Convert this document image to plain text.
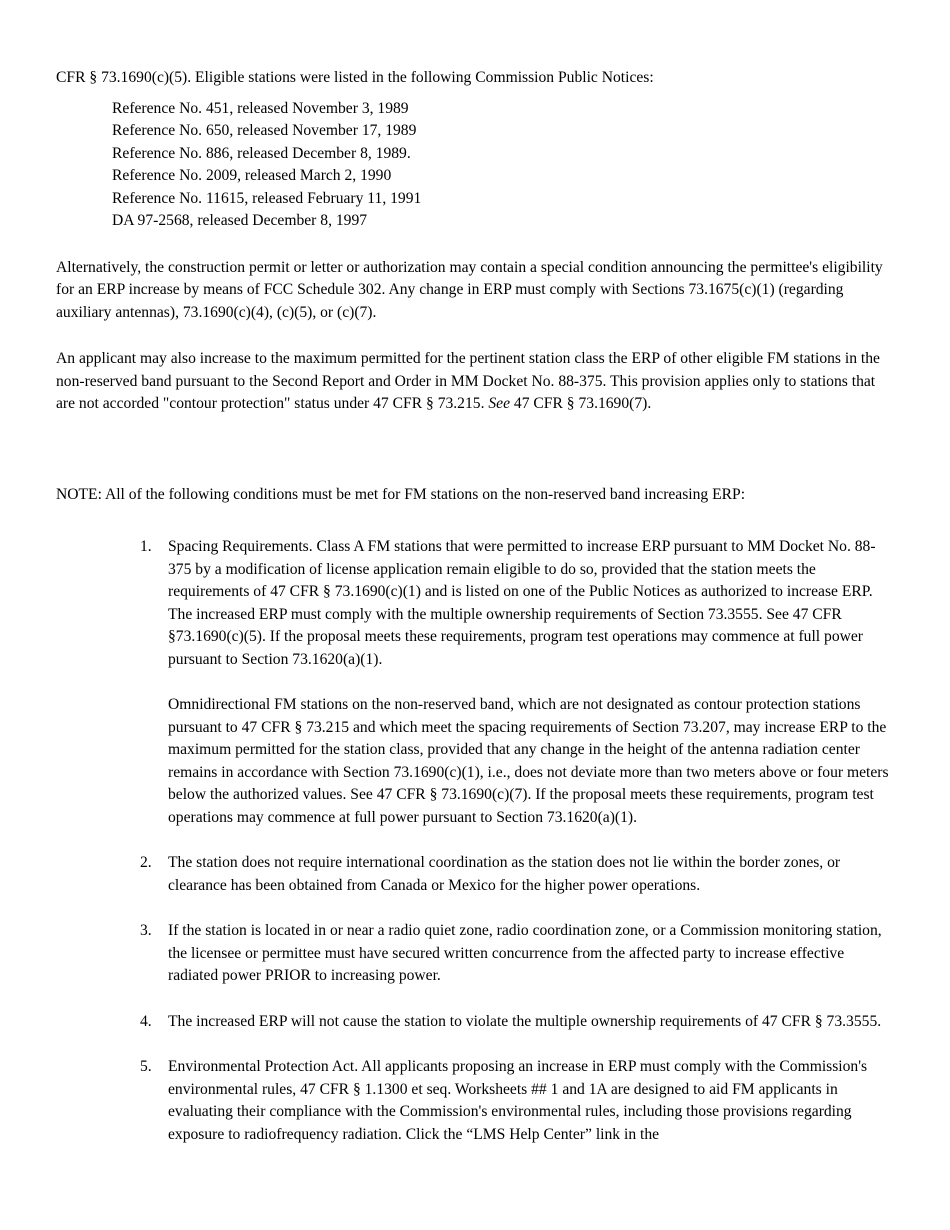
CFR § 73.1690(c)(5). Eligible stations were listed in the following Commission Public Notices:

Reference No. 451, released November 3, 1989
Reference No. 650, released November 17, 1989
Reference No. 886, released December 8, 1989.
Reference No. 2009, released March 2, 1990
Reference No. 11615, released February 11, 1991
DA 97-2568, released December 8, 1997

Alternatively, the construction permit or letter or authorization may contain a special condition announcing the permittee's eligibility for an ERP increase by means of FCC Schedule 302. Any change in ERP must comply with Sections 73.1675(c)(1) (regarding auxiliary antennas), 73.1690(c)(4), (c)(5), or (c)(7).

An applicant may also increase to the maximum permitted for the pertinent station class the ERP of other eligible FM stations in the non-reserved band pursuant to the Second Report and Order in MM Docket No. 88-375. This provision applies only to stations that are not accorded "contour protection" status under 47 CFR § 73.215. See 47 CFR § 73.1690(7).

NOTE: All of the following conditions must be met for FM stations on the non-reserved band increasing ERP:

1. Spacing Requirements. Class A FM stations that were permitted to increase ERP pursuant to MM Docket No. 88-375 by a modification of license application remain eligible to do so, provided that the station meets the requirements of 47 CFR § 73.1690(c)(1) and is listed on one of the Public Notices as authorized to increase ERP. The increased ERP must comply with the multiple ownership requirements of Section 73.3555. See 47 CFR §73.1690(c)(5). If the proposal meets these requirements, program test operations may commence at full power pursuant to Section 73.1620(a)(1).

Omnidirectional FM stations on the non-reserved band, which are not designated as contour protection stations pursuant to 47 CFR § 73.215 and which meet the spacing requirements of Section 73.207, may increase ERP to the maximum permitted for the station class, provided that any change in the height of the antenna radiation center remains in accordance with Section 73.1690(c)(1), i.e., does not deviate more than two meters above or four meters below the authorized values. See 47 CFR § 73.1690(c)(7). If the proposal meets these requirements, program test operations may commence at full power pursuant to Section 73.1620(a)(1).

2. The station does not require international coordination as the station does not lie within the border zones, or clearance has been obtained from Canada or Mexico for the higher power operations.

3. If the station is located in or near a radio quiet zone, radio coordination zone, or a Commission monitoring station, the licensee or permittee must have secured written concurrence from the affected party to increase effective radiated power PRIOR to increasing power.

4. The increased ERP will not cause the station to violate the multiple ownership requirements of 47 CFR § 73.3555.

5. Environmental Protection Act. All applicants proposing an increase in ERP must comply with the Commission's environmental rules, 47 CFR § 1.1300 et seq. Worksheets ## 1 and 1A are designed to aid FM applicants in evaluating their compliance with the Commission's environmental rules, including those provisions regarding exposure to radiofrequency radiation. Click the “LMS Help Center” link in the
